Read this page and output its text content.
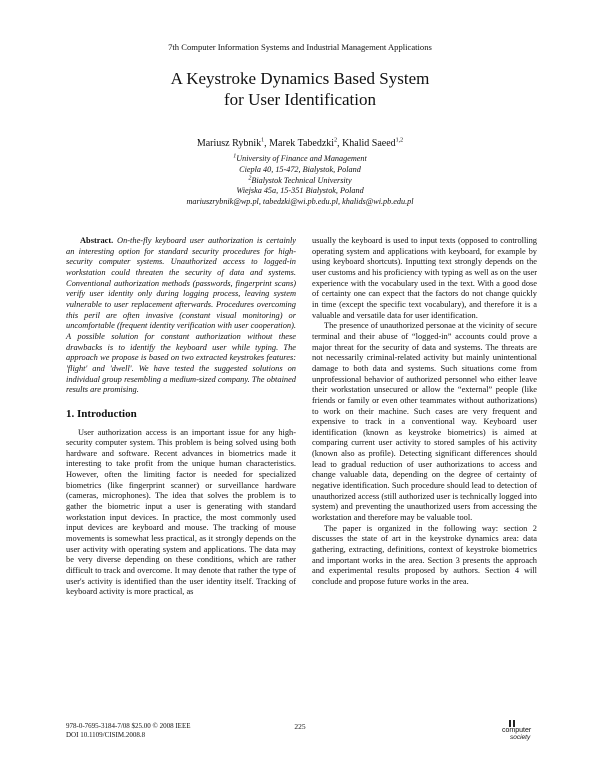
7th Computer Information Systems and Industrial Management Applications
A Keystroke Dynamics Based System
for User Identification
Mariusz Rybnik$^1$, Marek Tabedzki$^2$, Khalid Saeed$^{1,2}$
$^1$University of Finance and Management
Ciepla 40, 15-472, Bialystok, Poland
$^2$Bialystok Technical University
Wiejska 45a, 15-351 Bialystok, Poland
mariuszrybnik@wp.pl, tabedzki@wi.pb.edu.pl, khalids@wi.pb.edu.pl

Abstract. On-the-fly keyboard user authorization is certainly an interesting option for standard security procedures for high-security computer systems. Unauthorized access to logged-in workstation could threaten the security of data and systems. Conventional authorization methods (passwords, fingerprint scans) verify user identity only during logging process, leaving system vulnerable to user replacement afterwards. Procedures overcoming this peril are often invasive (constant visual monitoring) or uncomfortable (frequent identity verification with user cooperation). A possible solution for constant authorization without these drawbacks is to identify the keyboard user while typing. The approach we propose is based on two extracted keystrokes features: 'flight' and 'dwell'. We have tested the suggested solutions on individual group resembling a medium-sized company. The obtained results are promising.

1. Introduction

User authorization access is an important issue for any high-security computer system. This problem is being solved using both hardware and software. Recent advances in biometrics made it interesting to take profit from the unique human characteristics. However, often the limiting factor is needed for specialized biometrics (like fingerprint scanner) or surveillance hardware (cameras, microphones). The idea that solves the problem is to gather the biometric input a user is generating with standard workstation input devices. In practice, the most commonly used input devices are keyboard and mouse. The tracking of mouse movements is somewhat less practical, as it strongly depends on the user activity with operating system and applications. The data may be very diverse depending on these conditions, which are rather difficult to track and overcome. It may denote that rather the type of user's activity is identified than the user identity itself. Tracking of keyboard activity is more practical, as

usually the keyboard is used to input texts (opposed to controlling operating system and applications with keyboard, for example by using keyboard shortcuts). Inputting text strongly depends on the user customs and his proficiency with typing as well as on the user experience with the vocabulary used in the text. With a good dose of certainty one can expect that the factors do not change quickly in time (except the specific text vocabulary), and therefore it is a valuable and versatile data for user identification.

The presence of unauthorized personae at the vicinity of secure terminal and their abuse of “logged-in” accounts could prove a major threat for the security of data and systems. The threats are not necessarily criminal-related activity but mainly unintentional damage to both data and systems. Such situations come from unprofessional behavior of authorized personnel who either leave their workstation unsecured or allow the “external” people (like friends or family or even other teammates without authorizations) to work on their machine. Such cases are very frequent and expensive to track in a conventional way. Keyboard user identification (known as keystroke biometrics) is aimed at comparing current user activity to stored samples of his activity (known also as profile). Detecting significant differences should lead to gradual reduction of user authorizations to access and change valuable data, depending on the degree of certainty of negative identification. Such procedure should lead to detection of unauthorized access (still authorized user is technically logged into system) and preventing the unauthorized users from accessing the workstation and therefore may be valuable tool.

The paper is organized in the following way: section 2 discusses the state of art in the keystroke dynamics area: data gathering, extracting, definitions, context of keystroke biometrics and important works in the area. Section 3 presents the approach and experimental results proposed by authors. Section 4 will conclude and propose future works in the area.

978-0-7695-3184-7/08 $25.00 © 2008 IEEE
DOI 10.1109/CISIM.2008.8
225	computer
society
